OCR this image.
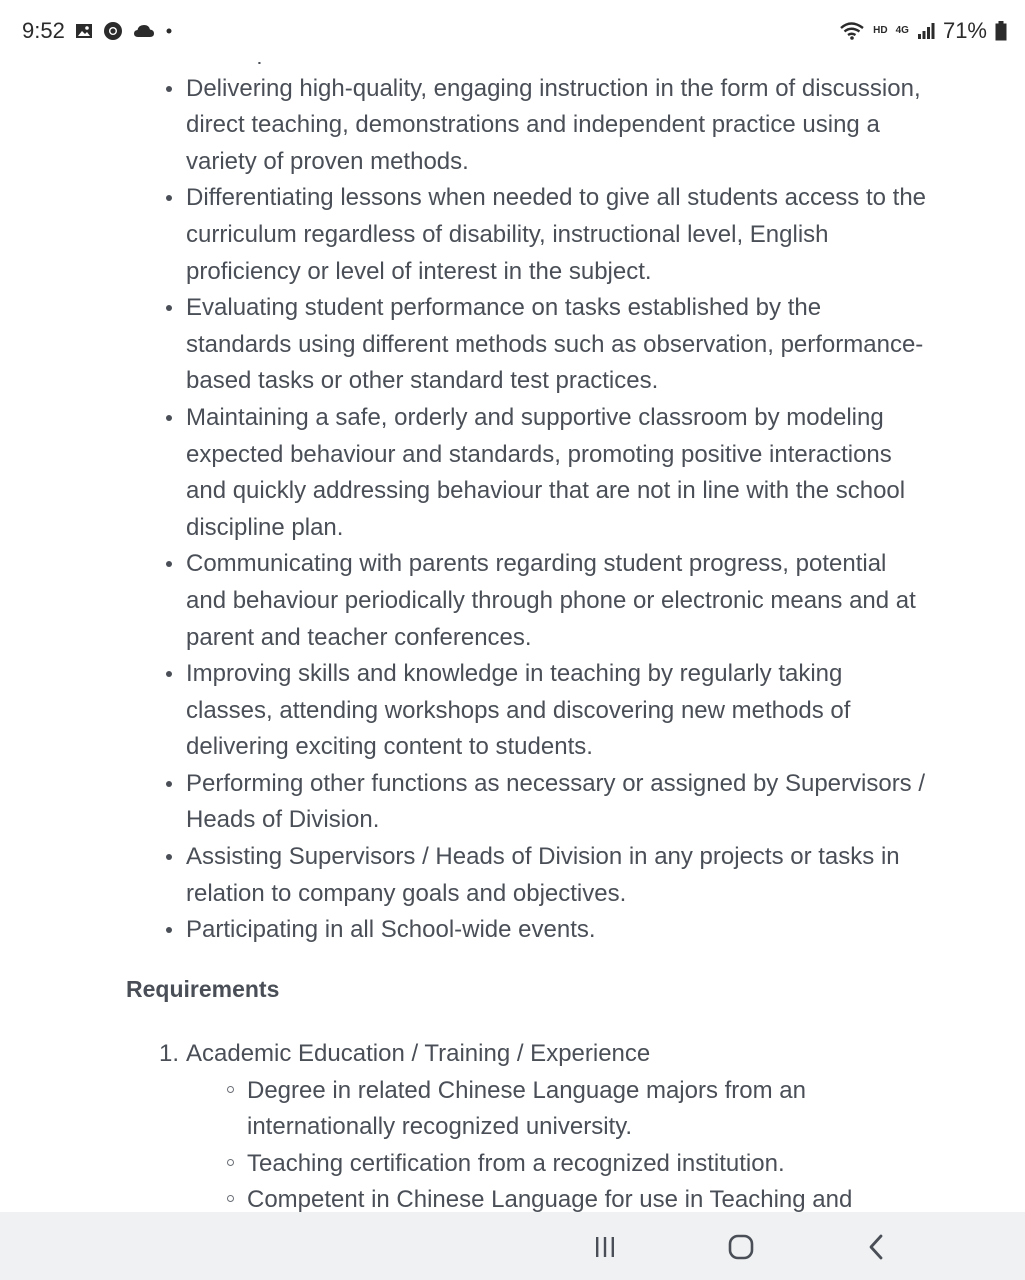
Delivering high-quality, engaging instruction in the form of discussion, direct teaching, demonstrations and independent practice using a variety of proven methods.
Differentiating lessons when needed to give all students access to the curriculum regardless of disability, instructional level, English proficiency or level of interest in the subject.
Evaluating student performance on tasks established by the standards using different methods such as observation, performance-based tasks or other standard test practices.
Maintaining a safe, orderly and supportive classroom by modeling expected behaviour and standards, promoting positive interactions and quickly addressing behaviour that are not in line with the school discipline plan.
Communicating with parents regarding student progress, potential and behaviour periodically through phone or electronic means and at parent and teacher conferences.
Improving skills and knowledge in teaching by regularly taking classes, attending workshops and discovering new methods of delivering exciting content to students.
Performing other functions as necessary or assigned by Supervisors / Heads of Division.
Assisting Supervisors / Heads of Division in any projects or tasks in relation to company goals and objectives.
Participating in all School-wide events.
Requirements
1. Academic Education / Training / Experience
Degree in related Chinese Language majors from an internationally recognized university.
Teaching certification from a recognized institution.
Competent in Chinese Language for use in Teaching and
9:52	HD 4G 71%
